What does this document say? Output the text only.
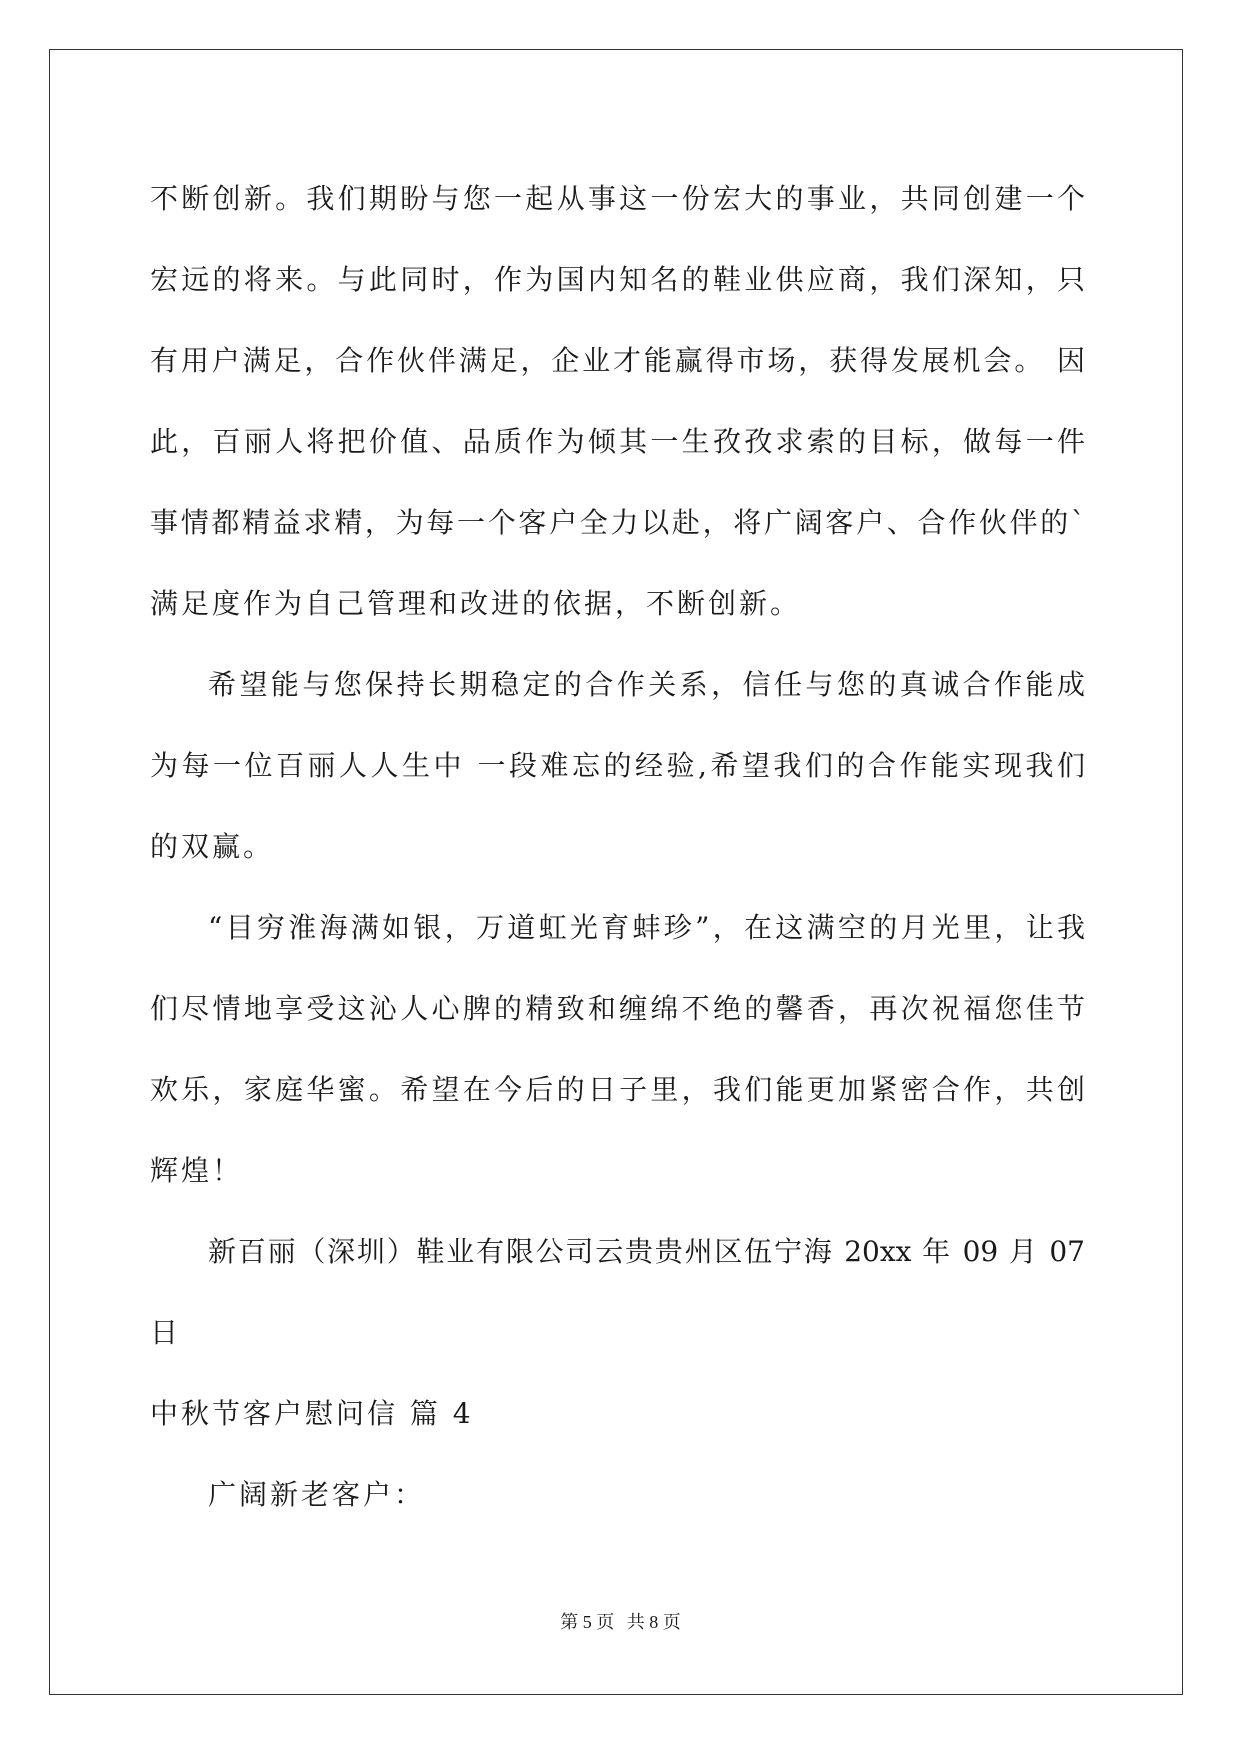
不断创新。我们期盼与您一起从事这一份宏大的事业，共同创建一个
宏远的将来。与此同时，作为国内知名的鞋业供应商，我们深知，只
有用户满足，合作伙伴满足，企业才能赢得市场，获得发展机会。 因
此，百丽人将把价值、品质作为倾其一生孜孜求索的目标，做每一件
事情都精益求精，为每一个客户全力以赴，将广阔客户、合作伙伴的`
满足度作为自己管理和改进的依据，不断创新。
希望能与您保持长期稳定的合作关系，信任与您的真诚合作能成
为每一位百丽人人生中 一段难忘的经验,希望我们的合作能实现我们
的双赢。
“目穷淮海满如银，万道虹光育蚌珍”，在这满空的月光里，让我
们尽情地享受这沁人心脾的精致和缠绵不绝的馨香，再次祝福您佳节
欢乐，家庭华蜜。希望在今后的日子里，我们能更加紧密合作，共创
辉煌！
新百丽（深圳）鞋业有限公司云贵贵州区伍宁海 20xx 年 09 月 07
日
中秋节客户慰问信 篇 4
广阔新老客户：
第 5 页 共 8 页
